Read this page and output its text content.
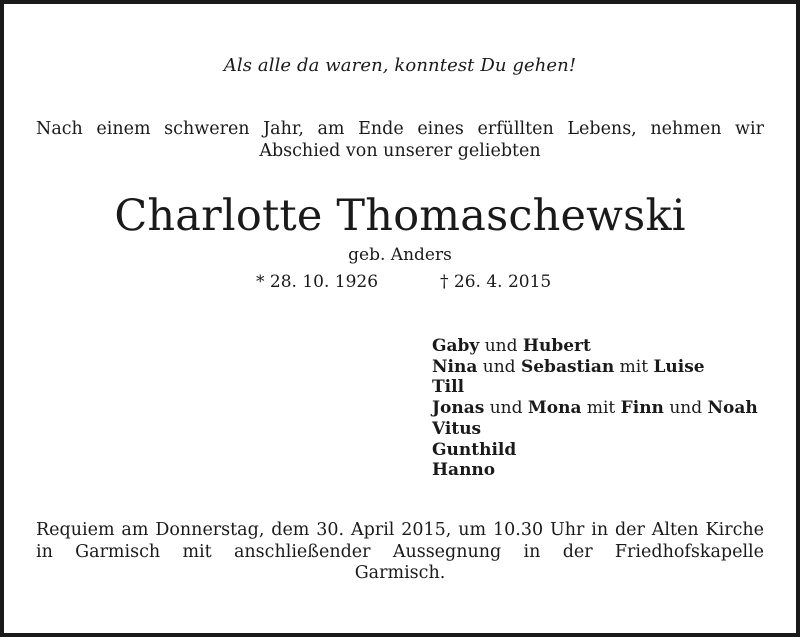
Als alle da waren, konntest Du gehen!
Nach einem schweren Jahr, am Ende eines erfüllten Lebens, nehmen wir
Abschied von unserer geliebten
Charlotte Thomaschewski
geb. Anders
* 28. 10. 1926	† 26. 4. 2015
Gaby und Hubert
Nina und Sebastian mit Luise
Till
Jonas und Mona mit Finn und Noah
Vitus
Gunthild
Hanno
Requiem am Donnerstag, dem 30. April 2015, um 10.30 Uhr in der Alten Kirche
in Garmisch mit anschließender Aussegnung in der Friedhofskapelle
Garmisch.
